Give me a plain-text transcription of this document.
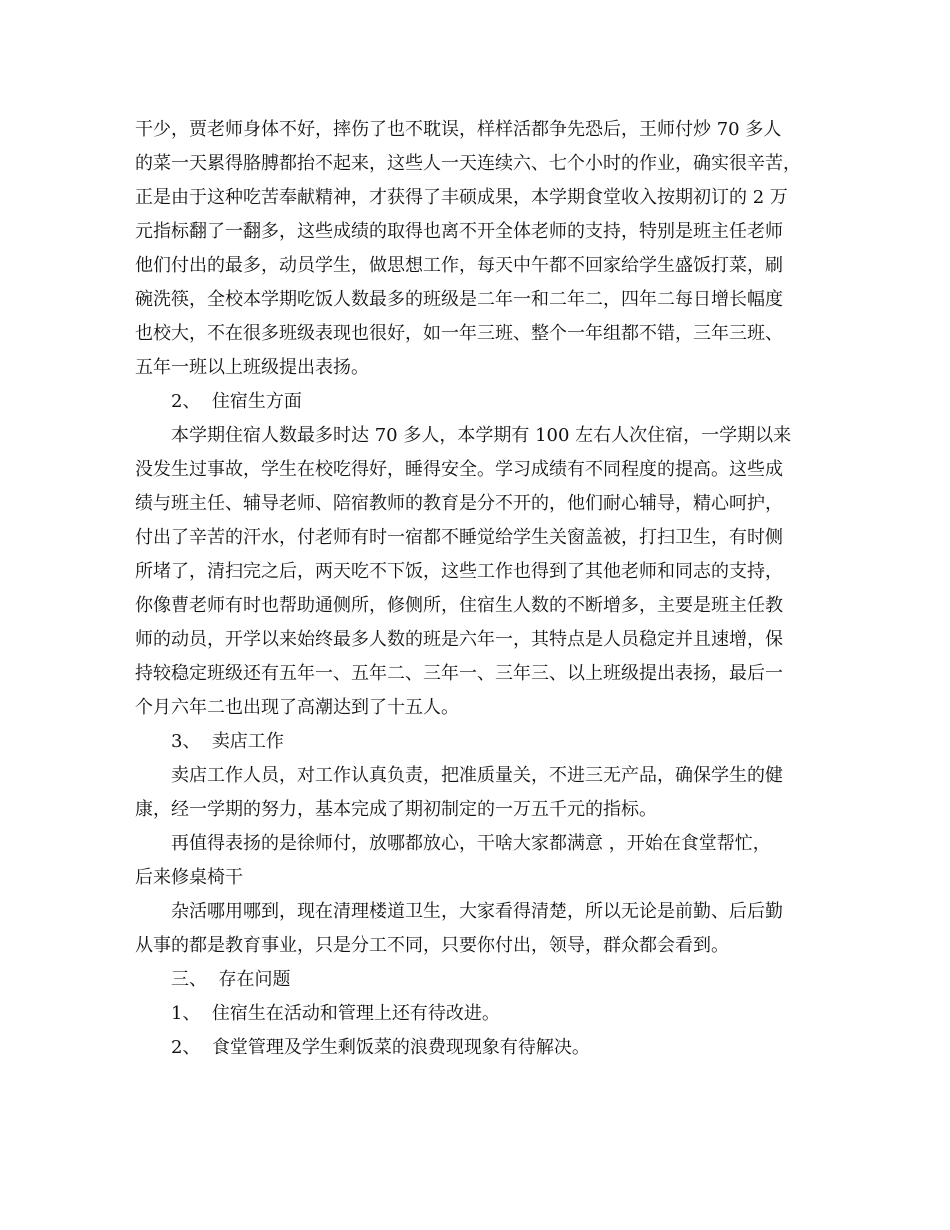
干少，贾老师身体不好，摔伤了也不耽误，样样活都争先恐后，王师付炒 70 多人
的菜一天累得胳膊都抬不起来，这些人一天连续六、七个小时的作业，确实很辛苦，
正是由于这种吃苦奉献精神，才获得了丰硕成果，本学期食堂收入按期初订的 2 万
元指标翻了一翻多，这些成绩的取得也离不开全体老师的支持，特别是班主任老师
他们付出的最多，动员学生，做思想工作，每天中午都不回家给学生盛饭打菜，刷
碗洗筷，全校本学期吃饭人数最多的班级是二年一和二年二，四年二每日增长幅度
也校大，不在很多班级表现也很好，如一年三班、整个一年组都不错，三年三班、
五年一班以上班级提出表扬。
2、  住宿生方面
本学期住宿人数最多时达 70 多人，本学期有 100 左右人次住宿，一学期以来
没发生过事故，学生在校吃得好，睡得安全。学习成绩有不同程度的提高。这些成
绩与班主任、辅导老师、陪宿教师的教育是分不开的，他们耐心辅导，精心呵护，
付出了辛苦的汗水，付老师有时一宿都不睡觉给学生关窗盖被，打扫卫生，有时侧
所堵了，清扫完之后，两天吃不下饭，这些工作也得到了其他老师和同志的支持，
你像曹老师有时也帮助通侧所，修侧所，住宿生人数的不断增多，主要是班主任教
师的动员，开学以来始终最多人数的班是六年一，其特点是人员稳定并且速增，保
持较稳定班级还有五年一、五年二、三年一、三年三、以上班级提出表扬，最后一
个月六年二也出现了高潮达到了十五人。
3、  卖店工作
卖店工作人员，对工作认真负责，把准质量关，不进三无产品，确保学生的健
康，经一学期的努力，基本完成了期初制定的一万五千元的指标。
再值得表扬的是徐师付，放哪都放心，干啥大家都满意 ，开始在食堂帮忙，
后来修桌椅干
杂活哪用哪到，现在清理楼道卫生，大家看得清楚，所以无论是前勤、后后勤
从事的都是教育事业，只是分工不同，只要你付出，领导，群众都会看到。
三、  存在问题
1、  住宿生在活动和管理上还有待改进。
2、  食堂管理及学生剩饭菜的浪费现现象有待解决。
